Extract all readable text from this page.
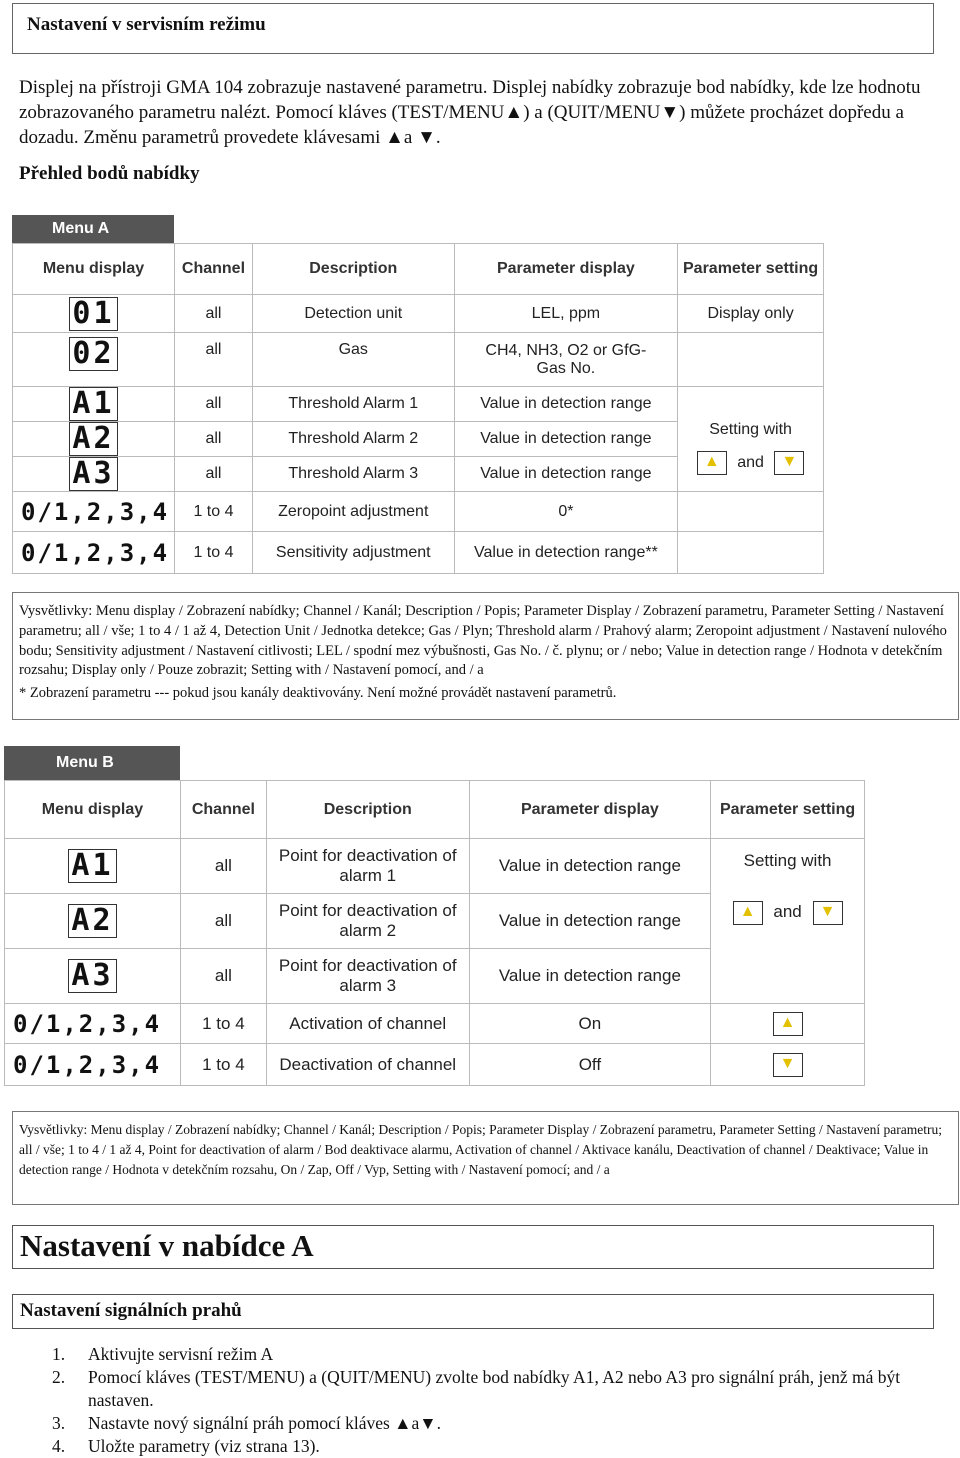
Nastavení v servisním režimu
Displej na přístroji GMA 104 zobrazuje nastavené parametru. Displej nabídky zobrazuje bod nabídky, kde lze hodnotu zobrazovaného parametru nalézt. Pomocí kláves (TEST/MENU▲) a (QUIT/MENU▼) můžete procházet dopředu a dozadu. Změnu parametrů provedete klávesami ▲a ▼.
Přehled bodů nabídky
Menu A
Menu display	Channel	Description	Parameter display	Parameter setting
01	all	Detection unit	LEL, ppm	Display only
02	all	Gas	CH4, NH3, O2 or GfG-Gas No.	
A1	all	Threshold Alarm 1	Value in detection range	Setting with
▲ and ▼

A2	all	Threshold Alarm 2	Value in detection range	
A3	all	Threshold Alarm 3	Value in detection range	
0/1,2,3,4	1 to 4	Zeropoint adjustment	0*	
0/1,2,3,4	1 to 4	Sensitivity adjustment	Value in detection range**	
Vysvětlivky: Menu display / Zobrazení nabídky; Channel / Kanál; Description / Popis; Parameter Display / Zobrazení parametru, Parameter Setting / Nastavení parametru; all / vše; 1 to 4 / 1 až 4, Detection Unit / Jednotka detekce; Gas / Plyn; Threshold alarm / Prahový alarm; Zeropoint adjustment / Nastavení nulového bodu; Sensitivity adjustment / Nastavení citlivosti; LEL / spodní mez výbušnosti, Gas No. / č. plynu; or / nebo; Value in detection range / Hodnota v detekčním rozsahu; Display only / Pouze zobrazit; Setting with / Nastavení pomocí, and / a
* Zobrazení parametru --- pokud jsou kanály deaktivovány. Není možné provádět nastavení parametrů.
Menu B
Menu display	Channel	Description	Parameter display	Parameter setting
A1	all	Point for deactivation of alarm 1	Value in detection range	Setting with
▲ and ▼

A2	all	Point for deactivation of alarm 2	Value in detection range	
A3	all	Point for deactivation of alarm 3	Value in detection range	
0/1,2,3,4	1 to 4	Activation of channel	On	▲
0/1,2,3,4	1 to 4	Deactivation of channel	Off	▼
Vysvětlivky: Menu display / Zobrazení nabídky; Channel / Kanál; Description / Popis; Parameter Display / Zobrazení parametru, Parameter Setting / Nastavení parametru; all / vše; 1 to 4 / 1 až 4, Point for deactivation of alarm / Bod deaktivace alarmu, Activation of channel / Aktivace kanálu, Deactivation of channel / Deaktivace; Value in detection range / Hodnota v detekčním rozsahu, On / Zap, Off / Vyp, Setting with / Nastavení pomocí; and / a
Nastavení v nabídce A
Nastavení signálních prahů
1.	Aktivujte servisní režim A
2.	Pomocí kláves (TEST/MENU) a (QUIT/MENU) zvolte bod nabídky A1, A2 nebo A3 pro signální práh, jenž má být nastaven.
3.	Nastavte nový signální práh pomocí kláves ▲a▼.
4.	Uložte parametry (viz strana 13).
